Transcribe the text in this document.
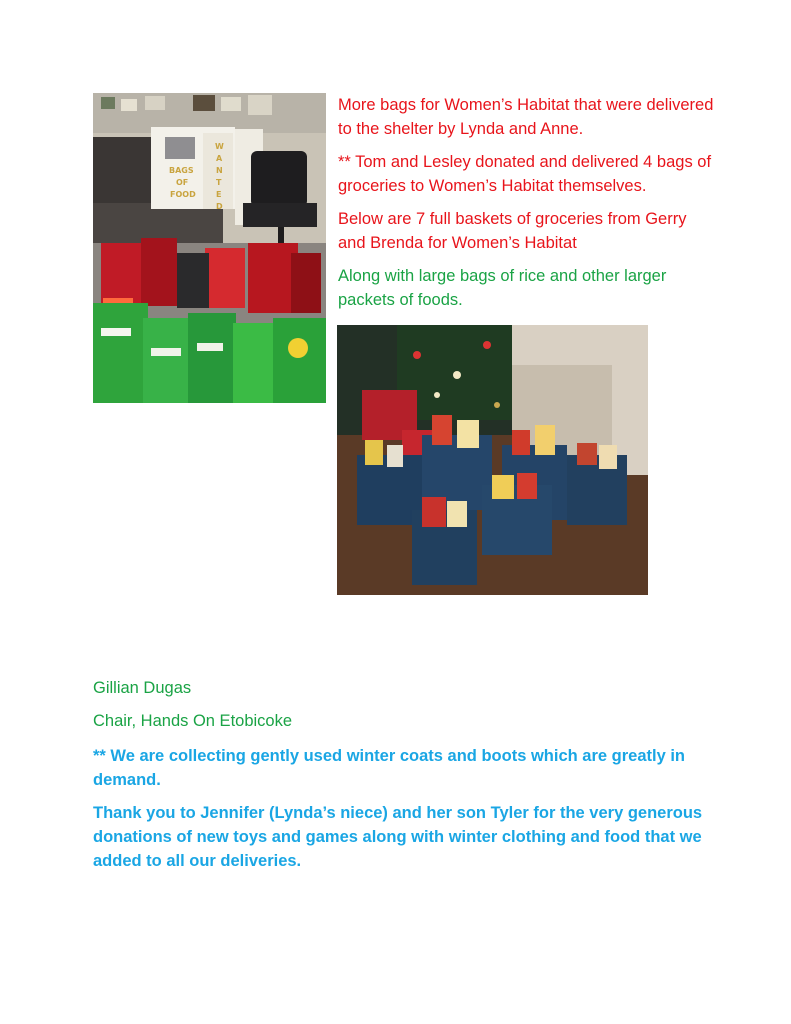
BAGS
OF
FOOD
W
A
N
T
E
D

More bags for Women’s Habitat that were delivered to the shelter by Lynda and Anne.

** Tom and Lesley donated and delivered 4 bags of groceries to Women’s Habitat themselves.

Below are 7 full baskets of groceries from Gerry and Brenda for Women’s Habitat

Along with large bags of rice and other larger packets of foods.

Gillian Dugas

Chair, Hands On Etobicoke

** We are collecting gently used winter coats and boots which are greatly in demand.

Thank you to Jennifer (Lynda’s niece) and her son Tyler for the very generous donations of new toys and games along with winter clothing and food that we added to all our deliveries.
